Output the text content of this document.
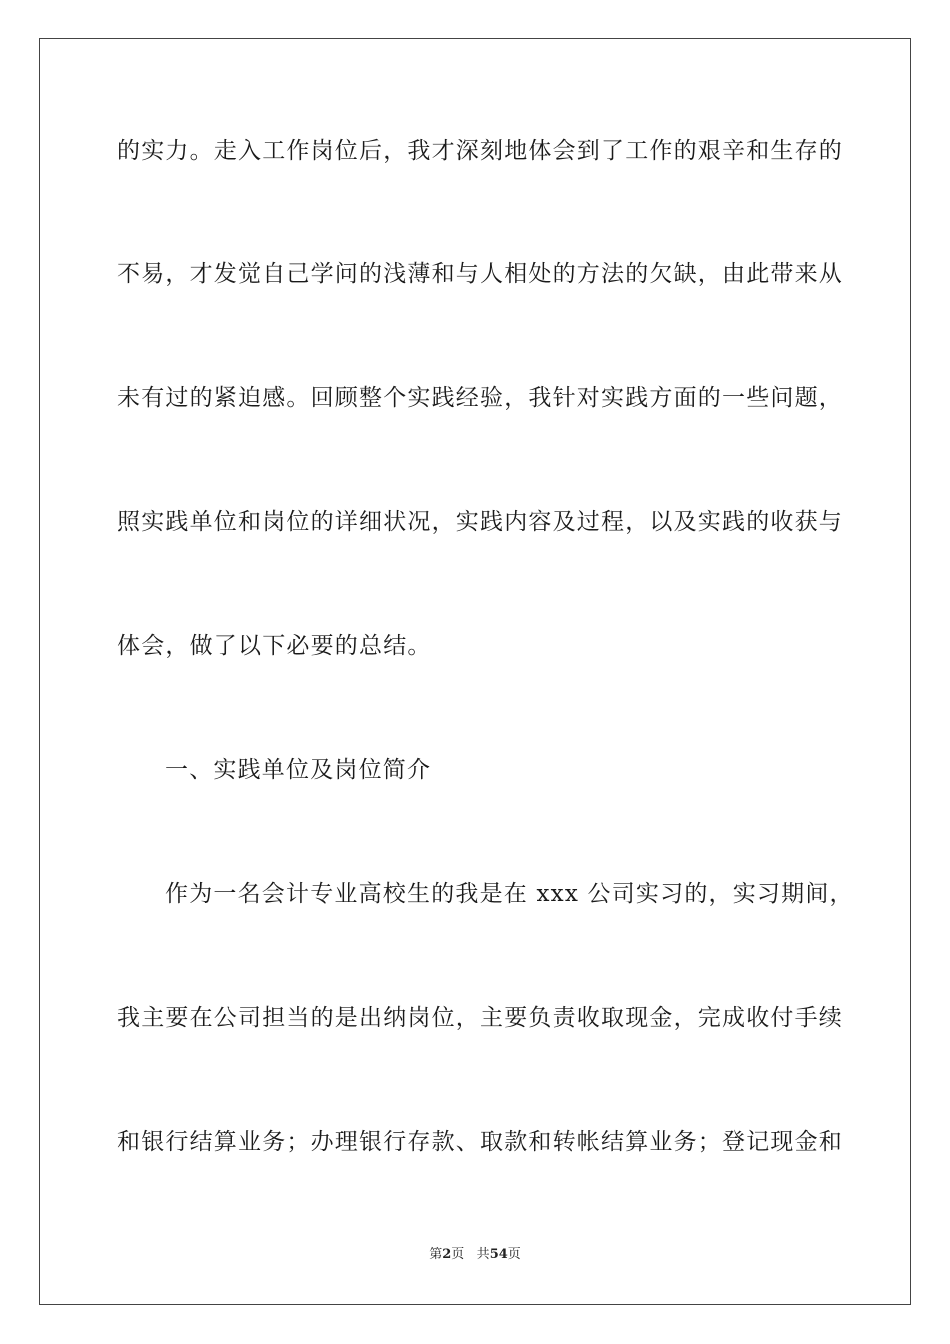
的实力。走入工作岗位后，我才深刻地体会到了工作的艰辛和生存的
不易，才发觉自己学问的浅薄和与人相处的方法的欠缺，由此带来从
未有过的紧迫感。回顾整个实践经验，我针对实践方面的一些问题，
照实践单位和岗位的详细状况，实践内容及过程，以及实践的收获与
体会，做了以下必要的总结。
一、实践单位及岗位简介
作为一名会计专业高校生的我是在 xxx 公司实习的，实习期间，
我主要在公司担当的是出纳岗位，主要负责收取现金，完成收付手续
和银行结算业务；办理银行存款、取款和转帐结算业务；登记现金和
第2页 共54页
